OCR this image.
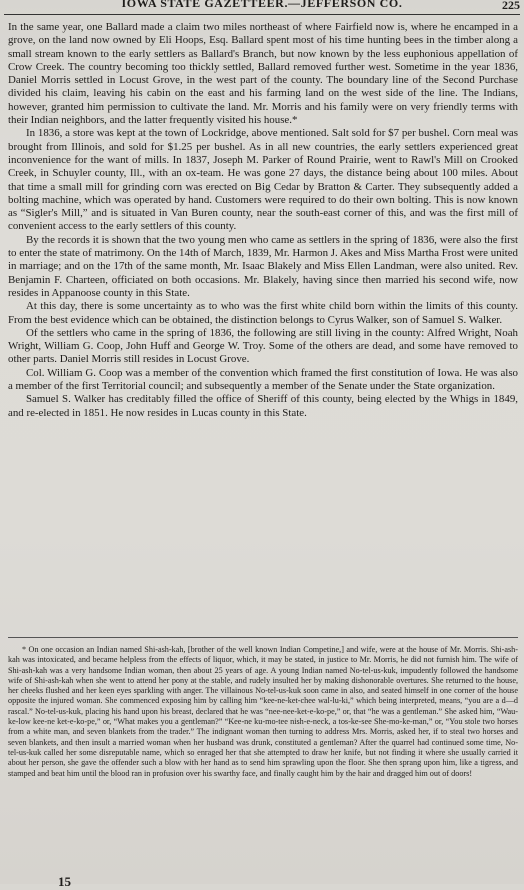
IOWA STATE GAZETTEER.—JEFFERSON CO.	225

In the same year, one Ballard made a claim two miles northeast of where Fairfield now is, where he encamped in a grove, on the land now owned by Eli Hoops, Esq. Ballard spent most of his time hunting bees in the timber along a small stream known to the early settlers as Ballard's Branch, but now known by the less euphonious appellation of Crow Creek. The country becoming too thickly settled, Ballard removed further west. Sometime in the year 1836, Daniel Morris settled in Locust Grove, in the west part of the county. The boundary line of the Second Purchase divided his claim, leaving his cabin on the east and his farming land on the west side of the line. The Indians, however, granted him permission to cultivate the land. Mr. Morris and his family were on very friendly terms with their Indian neighbors, and the latter frequently visited his house.*

In 1836, a store was kept at the town of Lockridge, above mentioned. Salt sold for $7 per bushel. Corn meal was brought from Illinois, and sold for $1.25 per bushel. As in all new countries, the early settlers experienced great inconvenience for the want of mills. In 1837, Joseph M. Parker of Round Prairie, went to Rawl's Mill on Crooked Creek, in Schuyler county, Ill., with an ox-team. He was gone 27 days, the distance being about 100 miles. About that time a small mill for grinding corn was erected on Big Cedar by Bratton & Carter. They subsequently added a bolting machine, which was operated by hand. Customers were required to do their own bolting. This is now known as “Sigler's Mill,” and is situated in Van Buren county, near the south-east corner of this, and was the first mill of convenient access to the early settlers of this county.

By the records it is shown that the two young men who came as settlers in the spring of 1836, were also the first to enter the state of matrimony. On the 14th of March, 1839, Mr. Harmon J. Akes and Miss Martha Frost were united in marriage; and on the 17th of the same month, Mr. Isaac Blakely and Miss Ellen Landman, were also united. Rev. Benjamin F. Charteen, officiated on both occasions. Mr. Blakely, having since then married his second wife, now resides in Appanoose county in this State.

At this day, there is some uncertainty as to who was the first white child born within the limits of this county. From the best evidence which can be obtained, the distinction belongs to Cyrus Walker, son of Samuel S. Walker.

Of the settlers who came in the spring of 1836, the following are still living in the county: Alfred Wright, Noah Wright, William G. Coop, John Huff and George W. Troy. Some of the others are dead, and some have removed to other parts. Daniel Morris still resides in Locust Grove.

Col. William G. Coop was a member of the convention which framed the first constitution of Iowa. He was also a member of the first Territorial council; and subsequently a member of the Senate under the State organization.

Samuel S. Walker has creditably filled the office of Sheriff of this county, being elected by the Whigs in 1849, and re-elected in 1851. He now resides in Lucas county in this State.

* On one occasion an Indian named Shi-ash-kah, [brother of the well known Indian Competine,] and wife, were at the house of Mr. Morris. Shi-ash-kah was intoxicated, and became helpless from the effects of liquor, which, it may be stated, in justice to Mr. Morris, he did not furnish him. The wife of Shi-ash-kah was a very handsome Indian woman, then about 25 years of age. A young Indian named No-tel-us-kuk, impudently followed the handsome wife of Shi-ash-kah when she went to attend her pony at the stable, and rudely insulted her by making dishonorable overtures. She returned to the house, her cheeks flushed and her keen eyes sparkling with anger. The villainous No-tel-us-kuk soon came in also, and seated himself in one corner of the house opposite the injured woman. She commenced exposing him by calling him “kee-ne-ket-chee wal-lu-ki,” which being interpreted, means, “you are a d—d rascal.” No-tel-us-kuk, placing his hand upon his breast, declared that he was “nee-nee-ket-e-ko-pe,” or, that “he was a gentleman.” She asked him, “Wau-ke-low kee-ne ket-e-ko-pe,” or, “What makes you a gentleman?” “Kee-ne ku-mo-tee nish-e-neck, a tos-ke-see She-mo-ke-man,” or, “You stole two horses from a white man, and seven blankets from the trader.” The indignant woman then turning to address Mrs. Morris, asked her, if to steal two horses and seven blankets, and then insult a married woman when her husband was drunk, constituted a gentleman? After the quarrel had continued some time, No-tel-us-kuk called her some disreputable name, which so enraged her that she attempted to draw her knife, but not finding it where she usually carried it about her person, she gave the offender such a blow with her hand as to send him sprawling upon the floor. She then sprang upon him, like a tigress, and stamped and beat him until the blood ran in profusion over his swarthy face, and finally caught him by the hair and dragged him out of doors!

15
